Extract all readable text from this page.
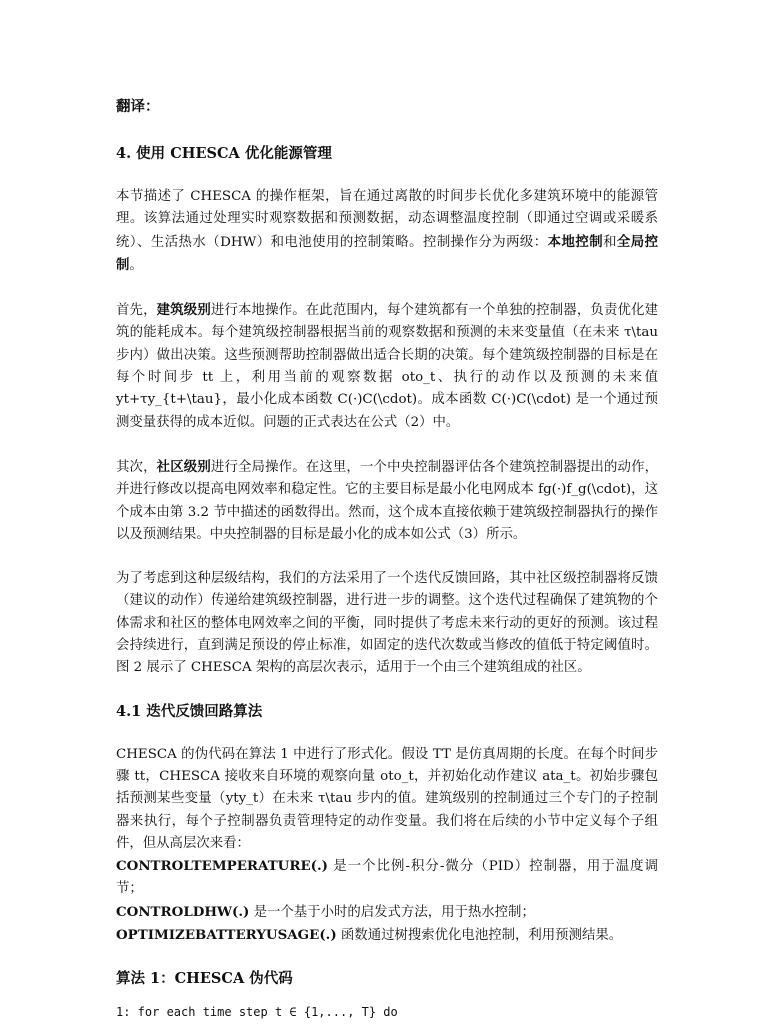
翻译：

4. 使用 CHESCA 优化能源管理

本节描述了 CHESCA 的操作框架，旨在通过离散的时间步长优化多建筑环境中的能源管理。该算法通过处理实时观察数据和预测数据，动态调整温度控制（即通过空调或采暖系统）、生活热水（DHW）和电池使用的控制策略。控制操作分为两级：本地控制和全局控制。

首先，建筑级别进行本地操作。在此范围内，每个建筑都有一个单独的控制器，负责优化建筑的能耗成本。每个建筑级控制器根据当前的观察数据和预测的未来变量值（在未来 τ\tau 步内）做出决策。这些预测帮助控制器做出适合长期的决策。每个建筑级控制器的目标是在每个时间步 tt 上，利用当前的观察数据 oto_t、执行的动作以及预测的未来值 yt+τy_{t+\tau}，最小化成本函数 C(·)C(\cdot)。成本函数 C(·)C(\cdot) 是一个通过预测变量获得的成本近似。问题的正式表达在公式（2）中。

其次，社区级别进行全局操作。在这里，一个中央控制器评估各个建筑控制器提出的动作，并进行修改以提高电网效率和稳定性。它的主要目标是最小化电网成本 fg(·)f_g(\cdot)，这个成本由第 3.2 节中描述的函数得出。然而，这个成本直接依赖于建筑级控制器执行的操作以及预测结果。中央控制器的目标是最小化的成本如公式（3）所示。

为了考虑到这种层级结构，我们的方法采用了一个迭代反馈回路，其中社区级控制器将反馈（建议的动作）传递给建筑级控制器，进行进一步的调整。这个迭代过程确保了建筑物的个体需求和社区的整体电网效率之间的平衡，同时提供了考虑未来行动的更好的预测。该过程会持续进行，直到满足预设的停止标准，如固定的迭代次数或当修改的值低于特定阈值时。图 2 展示了 CHESCA 架构的高层次表示，适用于一个由三个建筑组成的社区。

4.1 迭代反馈回路算法

CHESCA 的伪代码在算法 1 中进行了形式化。假设 TT 是仿真周期的长度。在每个时间步骤 tt，CHESCA 接收来自环境的观察向量 oto_t，并初始化动作建议 ata_t。初始步骤包括预测某些变量（yty_t）在未来 τ\tau 步内的值。建筑级别的控制通过三个专门的子控制器来执行，每个子控制器负责管理特定的动作变量。我们将在后续的小节中定义每个子组件，但从高层次来看：
CONTROLTEMPERATURE(.) 是一个比例-积分-微分（PID）控制器，用于温度调节；
CONTROLDHW(.) 是一个基于小时的启发式方法，用于热水控制；
OPTIMIZEBATTERYUSAGE(.) 函数通过树搜索优化电池控制，利用预测结果。

算法 1：CHESCA 伪代码

1: for each time step t ∈ {1,..., T} do
